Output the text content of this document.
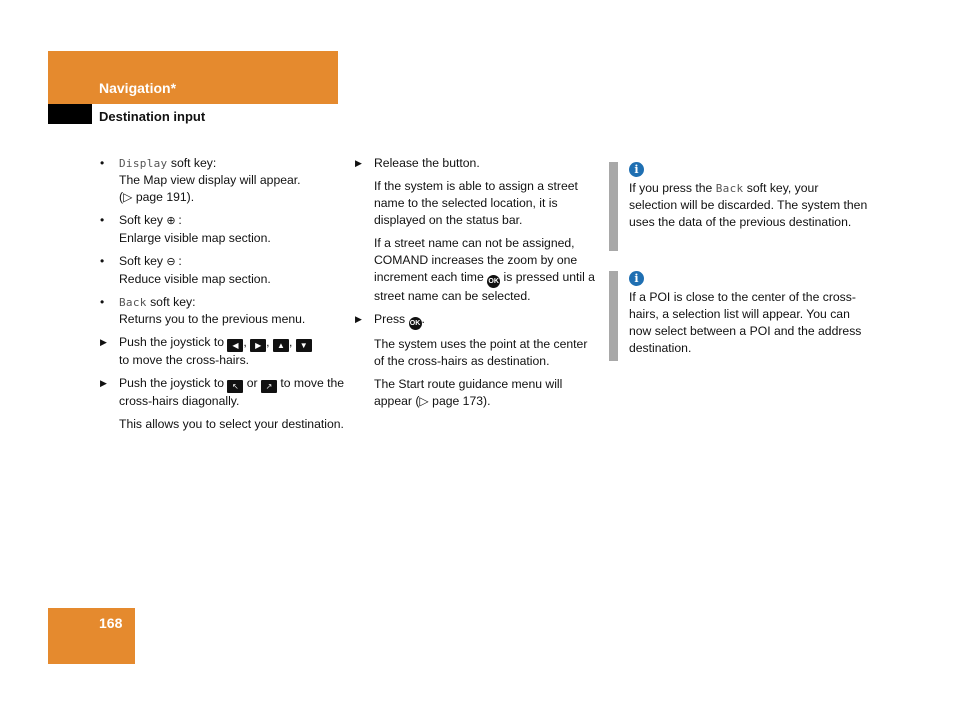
Navigation*
Destination input
•	Display soft key:
The Map view display will appear.
(▷ page 191).
•	Soft key ⊕ :
Enlarge visible map section.
•	Soft key ⊖ :
Reduce visible map section.
•	Back soft key:
Returns you to the previous menu.
▶ Push the joystick to ◀ , ▶ , ▲ , ▼
to move the cross-hairs.
▶ Push the joystick to ↖ or ↗ to move the cross-hairs diagonally.
This allows you to select your destination.
▶ Release the button.
If the system is able to assign a street name to the selected location, it is displayed on the status bar.
If a street name can not be assigned, COMAND increases the zoom by one increment each time OK is pressed until a street name can be selected.
▶ Press OK.
The system uses the point at the center of the cross-hairs as destination.
The Start route guidance menu will appear (▷ page 173).
i
If you press the Back soft key, your selection will be discarded. The system then uses the data of the previous destination.
i
If a POI is close to the center of the cross-hairs, a selection list will appear. You can now select between a POI and the address destination.
168
